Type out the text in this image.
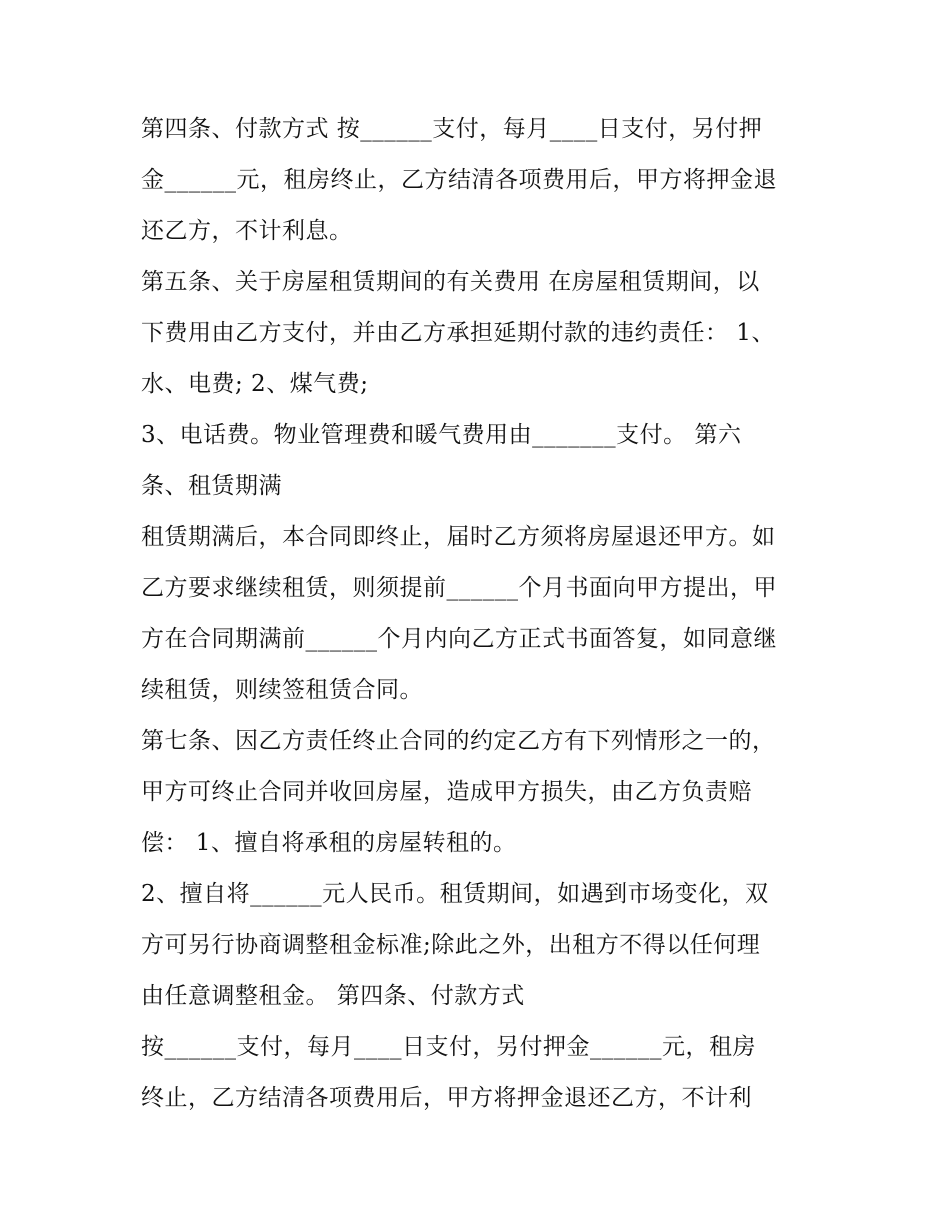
第四条、付款方式 按______支付，每月____日支付，另付押
金______元，租房终止，乙方结清各项费用后，甲方将押金退
还乙方，不计利息。
第五条、关于房屋租赁期间的有关费用 在房屋租赁期间，以
下费用由乙方支付，并由乙方承担延期付款的违约责任： 1、
水、电费; 2、煤气费;
3、电话费。物业管理费和暖气费用由_______支付。 第六
条、租赁期满
租赁期满后，本合同即终止，届时乙方须将房屋退还甲方。如
乙方要求继续租赁，则须提前______个月书面向甲方提出，甲
方在合同期满前______个月内向乙方正式书面答复，如同意继
续租赁，则续签租赁合同。
第七条、因乙方责任终止合同的约定乙方有下列情形之一的，
甲方可终止合同并收回房屋，造成甲方损失，由乙方负责赔
偿： 1、擅自将承租的房屋转租的。
2、擅自将______元人民币。租赁期间，如遇到市场变化，双
方可另行协商调整租金标准;除此之外，出租方不得以任何理
由任意调整租金。 第四条、付款方式
按______支付，每月____日支付，另付押金______元，租房
终止，乙方结清各项费用后，甲方将押金退还乙方，不计利
